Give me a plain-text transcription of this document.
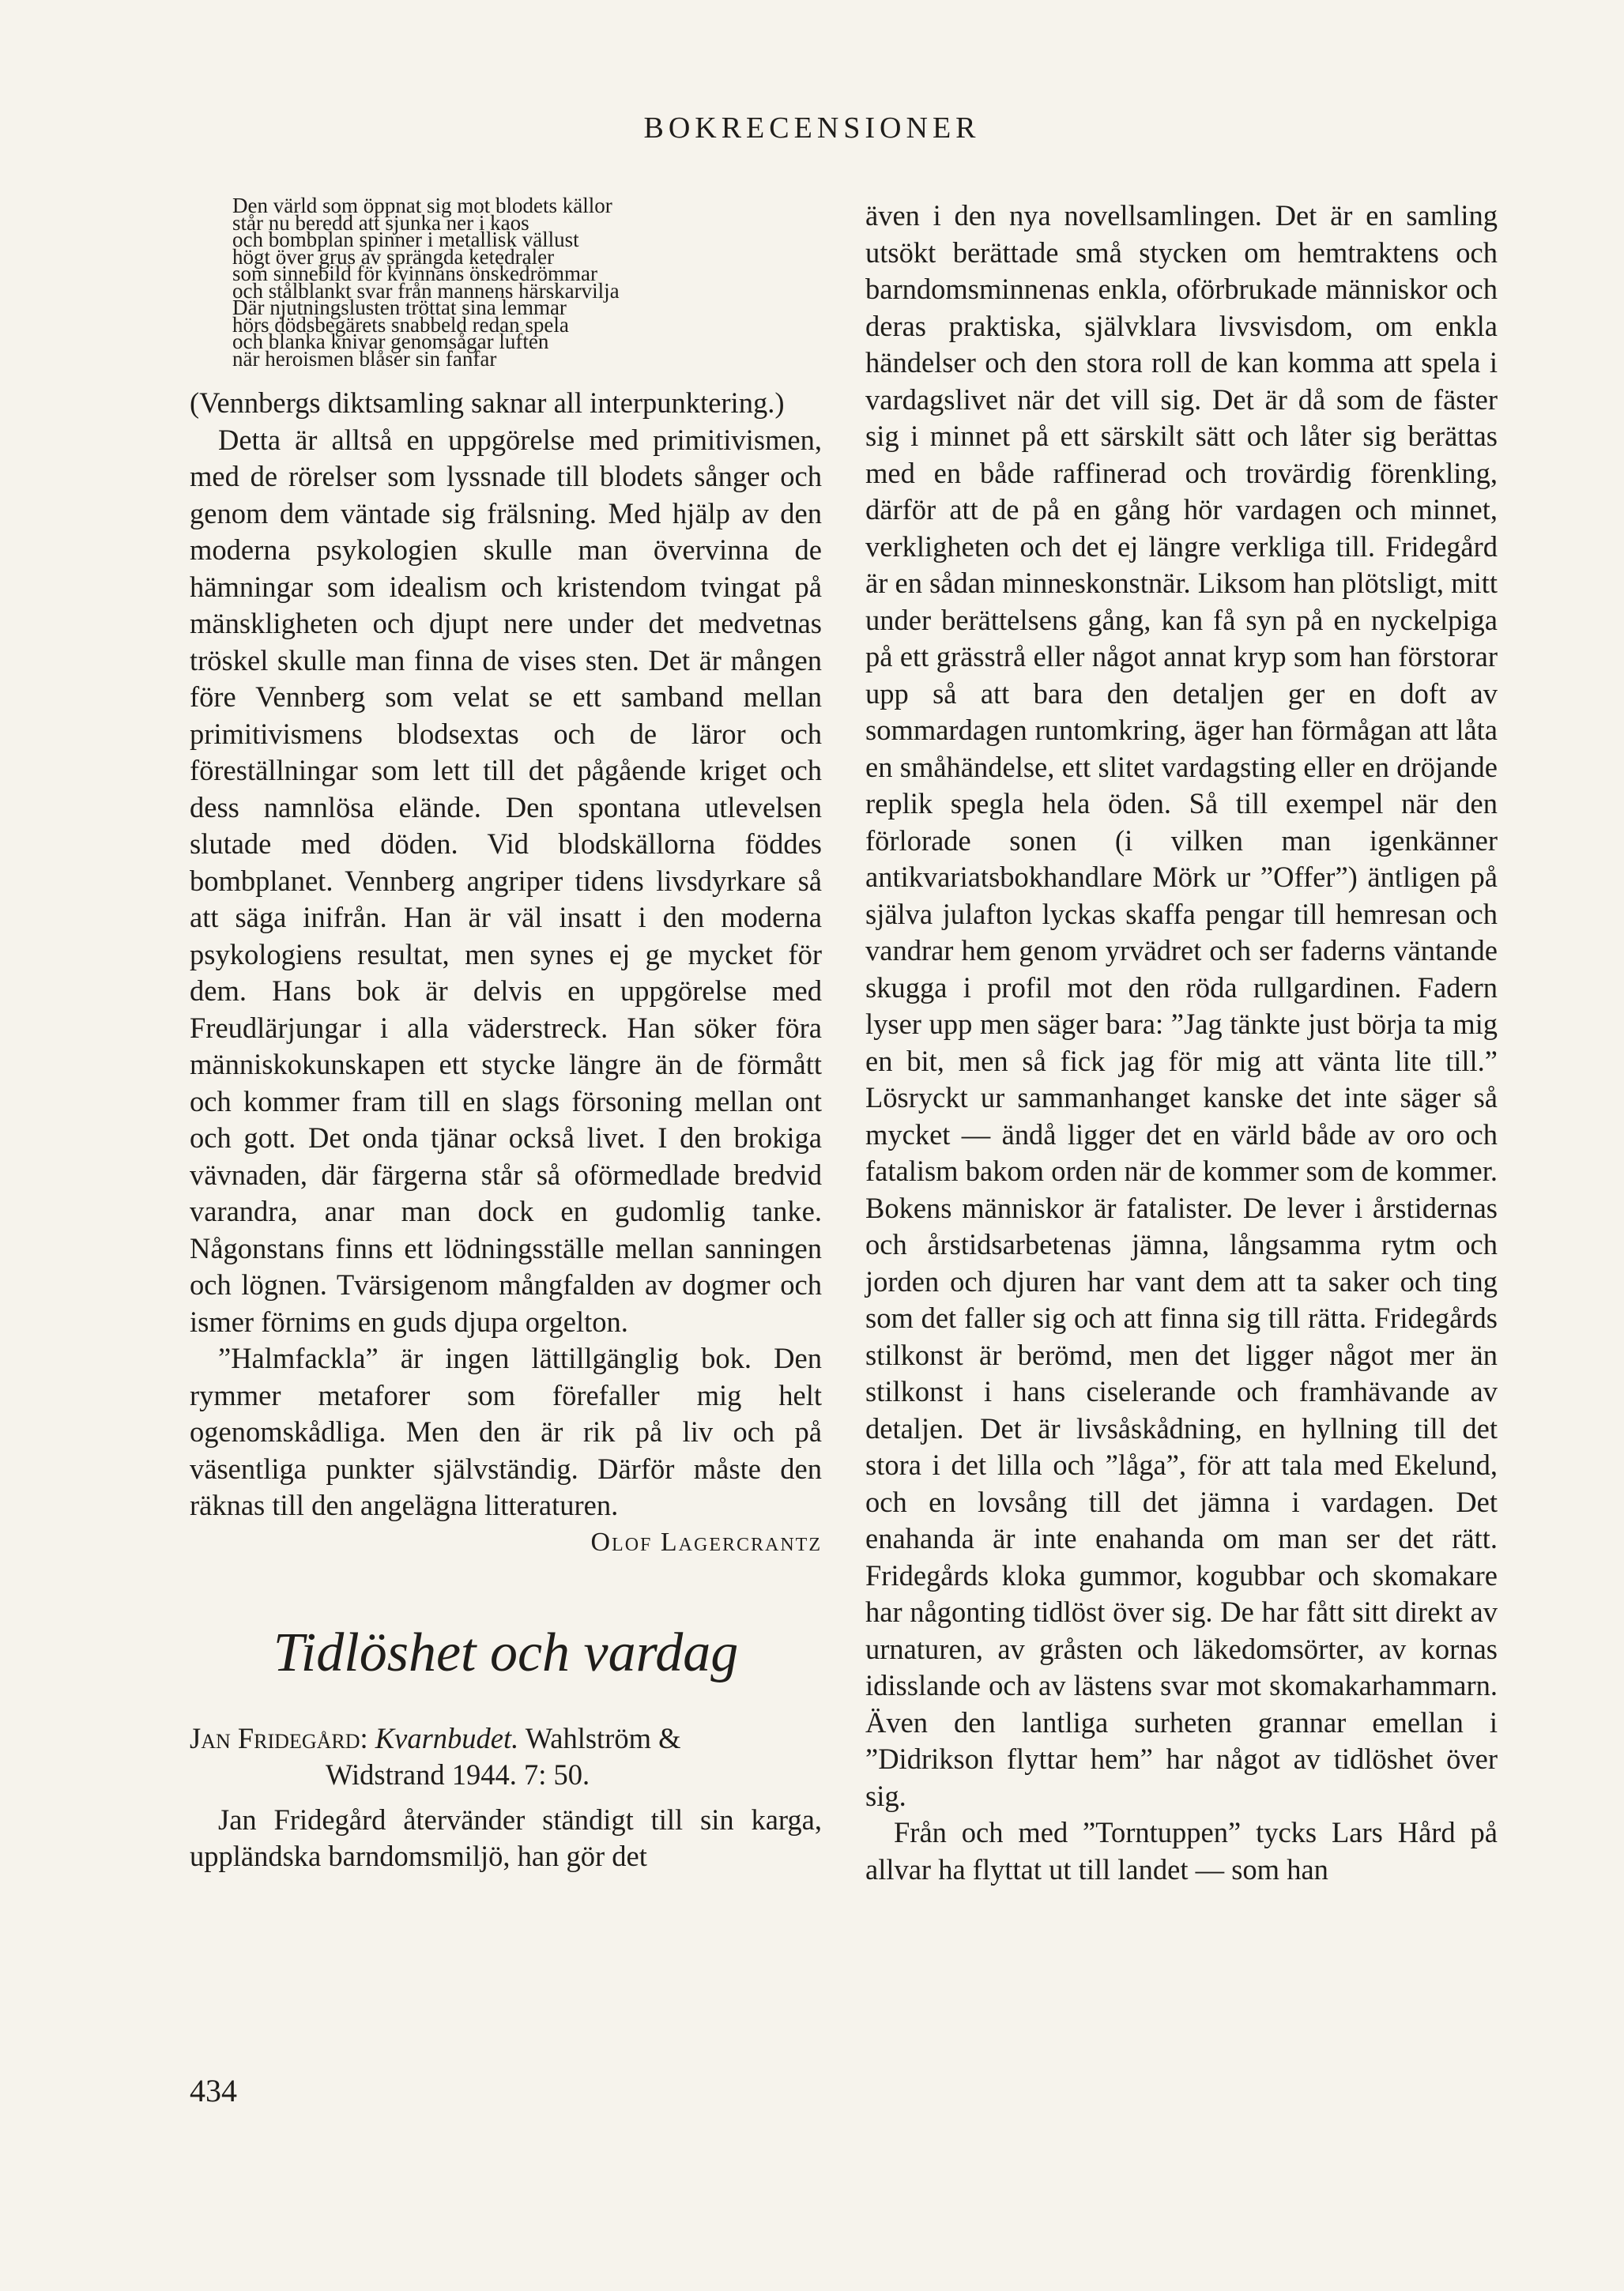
BOKRECENSIONER
Den värld som öppnat sig mot blodets källor
står nu beredd att sjunka ner i kaos
och bombplan spinner i metallisk vällust
högt över grus av sprängda ketedraler
som sinnebild för kvinnans önskedrömmar
och stålblankt svar från mannens härskarvilja
Där njutningslusten tröttat sina lemmar
hörs dödsbegärets snabbeld redan spela
och blanka knivar genomsågar luften
när heroismen blåser sin fanfar

(Vennbergs diktsamling saknar all interpunktering.)

Detta är alltså en uppgörelse med primitivismen, med de rörelser som lyssnade till blodets sånger och genom dem väntade sig frälsning. Med hjälp av den moderna psykologien skulle man övervinna de hämningar som idealism och kristendom tvingat på mänskligheten och djupt nere under det medvetnas tröskel skulle man finna de vises sten. Det är mången före Vennberg som velat se ett samband mellan primitivismens blodsextas och de läror och föreställningar som lett till det pågående kriget och dess namnlösa elände. Den spontana utlevelsen slutade med döden. Vid blodskällorna föddes bombplanet. Vennberg angriper tidens livsdyrkare så att säga inifrån. Han är väl insatt i den moderna psykologiens resultat, men synes ej ge mycket för dem. Hans bok är delvis en uppgörelse med Freudlärjungar i alla väderstreck. Han söker föra människokunskapen ett stycke längre än de förmått och kommer fram till en slags försoning mellan ont och gott. Det onda tjänar också livet. I den brokiga vävnaden, där färgerna står så oförmedlade bredvid varandra, anar man dock en gudomlig tanke. Någonstans finns ett lödningsställe mellan sanningen och lögnen. Tvärsigenom mångfalden av dogmer och ismer förnims en guds djupa orgelton.

”Halmfackla” är ingen lättillgänglig bok. Den rymmer metaforer som förefaller mig helt ogenomskådliga. Men den är rik på liv och på väsentliga punkter självständig. Därför måste den räknas till den angelägna litteraturen.

Olof Lagercrantz
Tidlöshet och vardag
Jan Fridegård: Kvarnbudet. Wahlström &
Widstrand 1944. 7: 50.

Jan Fridegård återvänder ständigt till sin karga, uppländska barndomsmiljö, han gör det

även i den nya novellsamlingen. Det är en samling utsökt berättade små stycken om hemtraktens och barndomsminnenas enkla, oförbrukade människor och deras praktiska, självklara livsvisdom, om enkla händelser och den stora roll de kan komma att spela i vardagslivet när det vill sig. Det är då som de fäster sig i minnet på ett särskilt sätt och låter sig berättas med en både raffinerad och trovärdig förenkling, därför att de på en gång hör vardagen och minnet, verkligheten och det ej längre verkliga till. Fridegård är en sådan minneskonstnär. Liksom han plötsligt, mitt under berättelsens gång, kan få syn på en nyckelpiga på ett grässtrå eller något annat kryp som han förstorar upp så att bara den detaljen ger en doft av sommardagen runtomkring, äger han förmågan att låta en småhändelse, ett slitet vardagsting eller en dröjande replik spegla hela öden. Så till exempel när den förlorade sonen (i vilken man igenkänner antikvariatsbokhandlare Mörk ur ”Offer”) äntligen på själva julafton lyckas skaffa pengar till hemresan och vandrar hem genom yrvädret och ser faderns väntande skugga i profil mot den röda rullgardinen. Fadern lyser upp men säger bara: ”Jag tänkte just börja ta mig en bit, men så fick jag för mig att vänta lite till.” Lösryckt ur sammanhanget kanske det inte säger så mycket — ändå ligger det en värld både av oro och fatalism bakom orden när de kommer som de kommer. Bokens människor är fatalister. De lever i årstidernas och årstidsarbetenas jämna, långsamma rytm och jorden och djuren har vant dem att ta saker och ting som det faller sig och att finna sig till rätta. Fridegårds stilkonst är berömd, men det ligger något mer än stilkonst i hans ciselerande och framhävande av detaljen. Det är livsåskådning, en hyllning till det stora i det lilla och ”låga”, för att tala med Ekelund, och en lovsång till det jämna i vardagen. Det enahanda är inte enahanda om man ser det rätt. Fridegårds kloka gummor, kogubbar och skomakare har någonting tidlöst över sig. De har fått sitt direkt av urnaturen, av gråsten och läkedomsörter, av kornas idisslande och av lästens svar mot skomakarhammarn. Även den lantliga surheten grannar emellan i ”Didrikson flyttar hem” har något av tidlöshet över sig.

Från och med ”Torntuppen” tycks Lars Hård på allvar ha flyttat ut till landet — som han

434
